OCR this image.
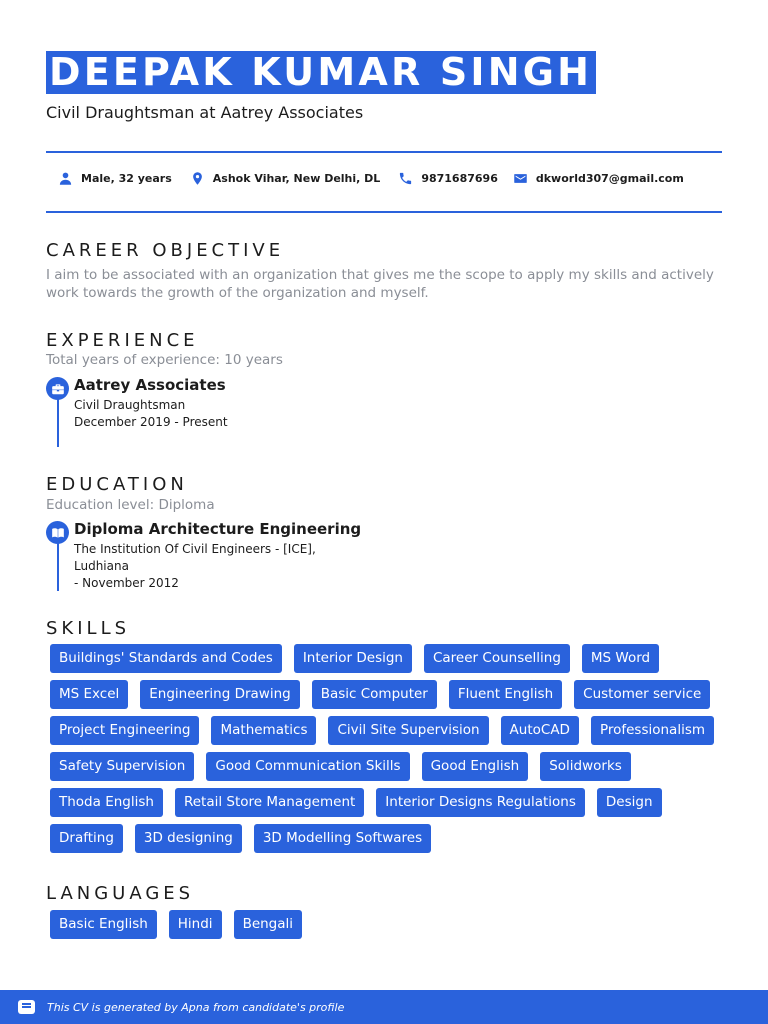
DEEPAK KUMAR SINGH
Civil Draughtsman at Aatrey Associates
Male, 32 years	Ashok Vihar, New Delhi, DL	9871687696	dkworld307@gmail.com
CAREER OBJECTIVE
I aim to be associated with an organization that gives me the scope to apply my skills and actively work towards the growth of the organization and myself.
EXPERIENCE
Total years of experience: 10 years
Aatrey Associates
Civil Draughtsman
December 2019 - Present
EDUCATION
Education level: Diploma
Diploma Architecture Engineering
The Institution Of Civil Engineers - [ICE], Ludhiana
- November 2012
SKILLS
Buildings' Standards and Codes	Interior Design	Career Counselling	MS Word
MS Excel	Engineering Drawing	Basic Computer	Fluent English	Customer service
Project Engineering	Mathematics	Civil Site Supervision	AutoCAD	Professionalism
Safety Supervision	Good Communication Skills	Good English	Solidworks
Thoda English	Retail Store Management	Interior Designs Regulations	Design
Drafting	3D designing	3D Modelling Softwares
LANGUAGES
Basic English	Hindi	Bengali
This CV is generated by Apna from candidate's profile
